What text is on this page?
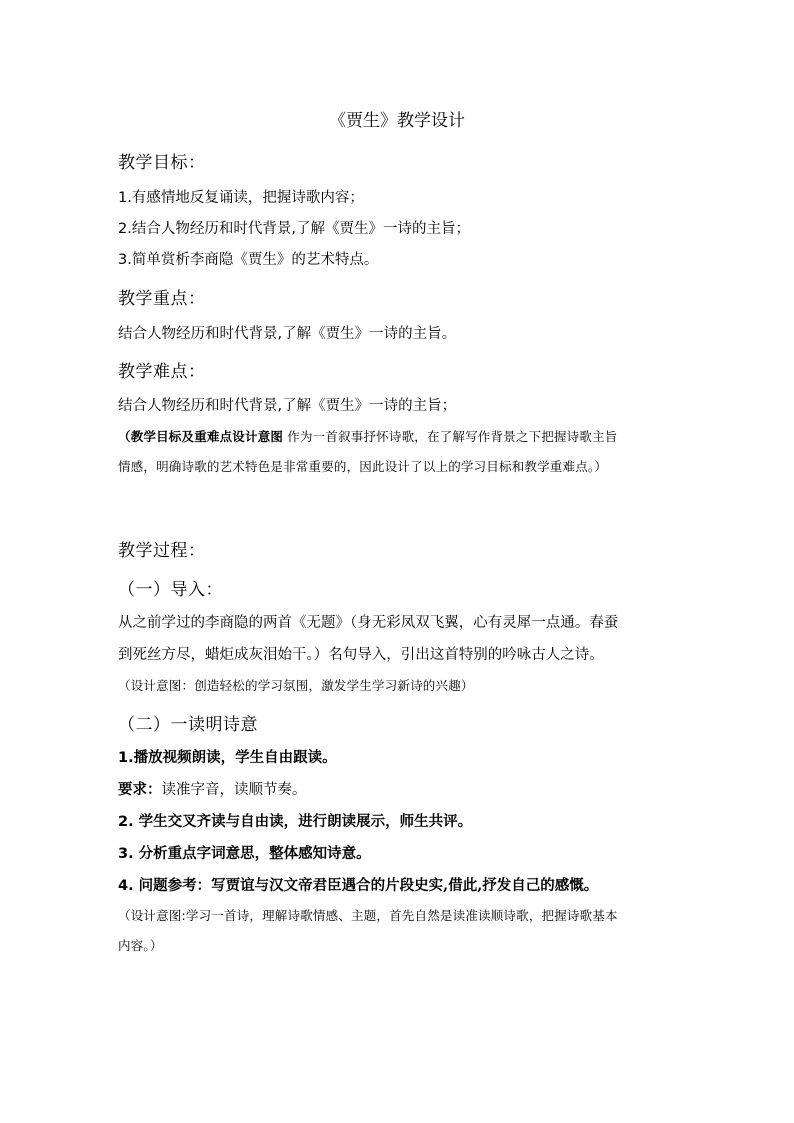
《贾生》教学设计
教学目标：
1.有感情地反复诵读，把握诗歌内容；
2.结合人物经历和时代背景,了解《贾生》一诗的主旨；
3.简单赏析李商隐《贾生》的艺术特点。
教学重点：
结合人物经历和时代背景,了解《贾生》一诗的主旨。
教学难点：
结合人物经历和时代背景,了解《贾生》一诗的主旨；
（教学目标及重难点设计意图 作为一首叙事抒怀诗歌，在了解写作背景之下把握诗歌主旨
情感，明确诗歌的艺术特色是非常重要的，因此设计了以上的学习目标和教学重难点。）
教学过程：
（一）导入：
从之前学过的李商隐的两首《无题》（身无彩凤双飞翼，心有灵犀一点通。春蚕
到死丝方尽，蜡炬成灰泪始干。）名句导入，引出这首特别的吟咏古人之诗。
（设计意图：创造轻松的学习氛围，激发学生学习新诗的兴趣）
（二）一读明诗意
1.播放视频朗读，学生自由跟读。
要求：读准字音，读顺节奏。
2. 学生交叉齐读与自由读，进行朗读展示，师生共评。
3. 分析重点字词意思，整体感知诗意。
4. 问题参考：写贾谊与汉文帝君臣遇合的片段史实,借此,抒发自己的感慨。
（设计意图:学习一首诗，理解诗歌情感、主题，首先自然是读准读顺诗歌，把握诗歌基本
内容。）
